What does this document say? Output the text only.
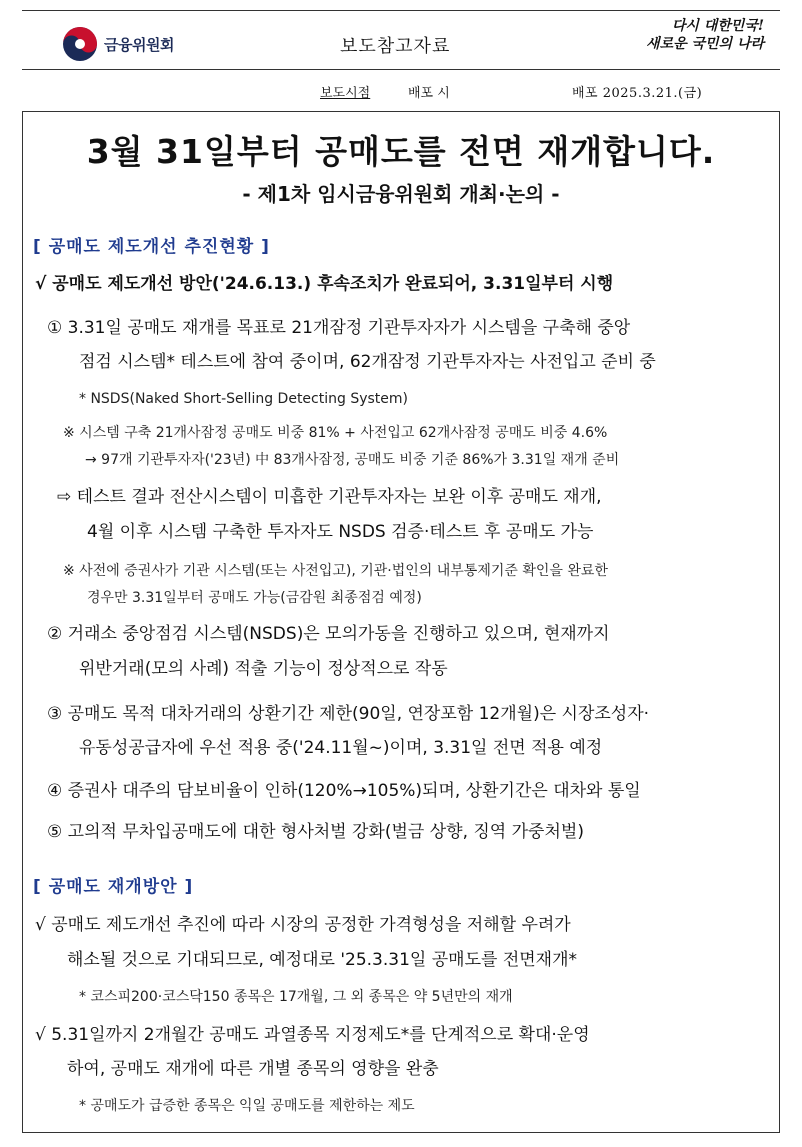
금융위원회	보도참고자료
다시 대한민국!
새로운 국민의 나라
보도시점	배포 시	배포 2025.3.21.(금)
3월 31일부터 공매도를 전면 재개합니다.
- 제1차 임시금융위원회 개최·논의 -
[ 공매도 제도개선 추진현황 ]
√ 공매도 제도개선 방안('24.6.13.) 후속조치가 완료되어, 3.31일부터 시행
① 3.31일 공매도 재개를 목표로 21개잠정 기관투자자가 시스템을 구축해 중앙
점검 시스템* 테스트에 참여 중이며, 62개잠정 기관투자자는 사전입고 준비 중
* NSDS(Naked Short-Selling Detecting System)
※ 시스템 구축 21개사잠정 공매도 비중 81% + 사전입고 62개사잠정 공매도 비중 4.6%
→ 97개 기관투자자('23년) 中 83개사잠정, 공매도 비중 기준 86%가 3.31일 재개 준비
⇨ 테스트 결과 전산시스템이 미흡한 기관투자자는 보완 이후 공매도 재개,
4월 이후 시스템 구축한 투자자도 NSDS 검증·테스트 후 공매도 가능
※ 사전에 증권사가 기관 시스템(또는 사전입고), 기관·법인의 내부통제기준 확인을 완료한
경우만 3.31일부터 공매도 가능(금감원 최종점검 예정)
② 거래소 중앙점검 시스템(NSDS)은 모의가동을 진행하고 있으며, 현재까지
위반거래(모의 사례) 적출 기능이 정상적으로 작동
③ 공매도 목적 대차거래의 상환기간 제한(90일, 연장포함 12개월)은 시장조성자·
유동성공급자에 우선 적용 중('24.11월~)이며, 3.31일 전면 적용 예정
④ 증권사 대주의 담보비율이 인하(120%→105%)되며, 상환기간은 대차와 통일
⑤ 고의적 무차입공매도에 대한 형사처벌 강화(벌금 상향, 징역 가중처벌)
[ 공매도 재개방안 ]
√ 공매도 제도개선 추진에 따라 시장의 공정한 가격형성을 저해할 우려가
해소될 것으로 기대되므로, 예정대로 '25.3.31일 공매도를 전면재개*
* 코스피200·코스닥150 종목은 17개월, 그 외 종목은 약 5년만의 재개
√ 5.31일까지 2개월간 공매도 과열종목 지정제도*를 단계적으로 확대·운영
하여, 공매도 재개에 따른 개별 종목의 영향을 완충
* 공매도가 급증한 종목은 익일 공매도를 제한하는 제도
